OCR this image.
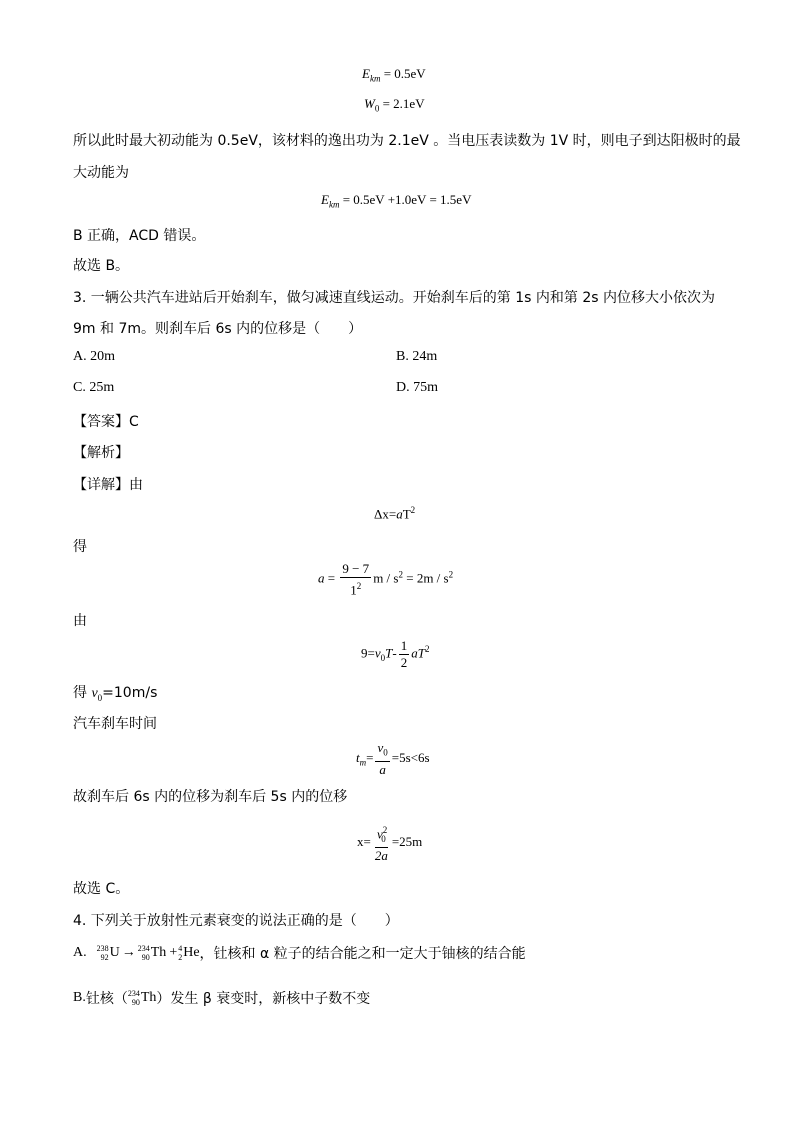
$E_{km} = 0.5eV$
$W_0 = 2.1eV$
所以此时最大初动能为 0.5eV，该材料的逸出功为 2.1eV 。当电压表读数为 1V 时，则电子到达阳极时的最
大动能为
$E_{km} = 0.5eV +1.0eV = 1.5eV$
B 正确，ACD 错误。
故选 B。
3. 一辆公共汽车进站后开始刹车，做匀减速直线运动。开始刹车后的第 1s 内和第 2s 内位移大小依次为
9m 和 7m。则刹车后 6s 内的位移是（　　）
A. 20m	B. 24m
C. 25m	D. 75m
【答案】C
【解析】
【详解】由
$\Delta x=aT^2$
得
$a = \frac{9 - 7}{1^2}$ $m / s^2 = 2m / s^2$
由
$9=v_0T- \frac{1}{2} aT^2$
得 $v_0=10m/s$
汽车刹车时间
$t_m= \frac{v_0}{a} =5s<6s$
故刹车后 6s 内的位移为刹车后 5s 内的位移
$x= \frac{v^2_0}{2a} =25m$
故选 C。
4. 下列关于放射性元素衰变的说法正确的是（　　）
A. 238
92 U → 234
90 Th + 4
2 He ，钍核和 α 粒子的结合能之和一定大于铀核的结合能
B. 钍核（ 234
90 Th ）发生 β 衰变时，新核中子数不变
